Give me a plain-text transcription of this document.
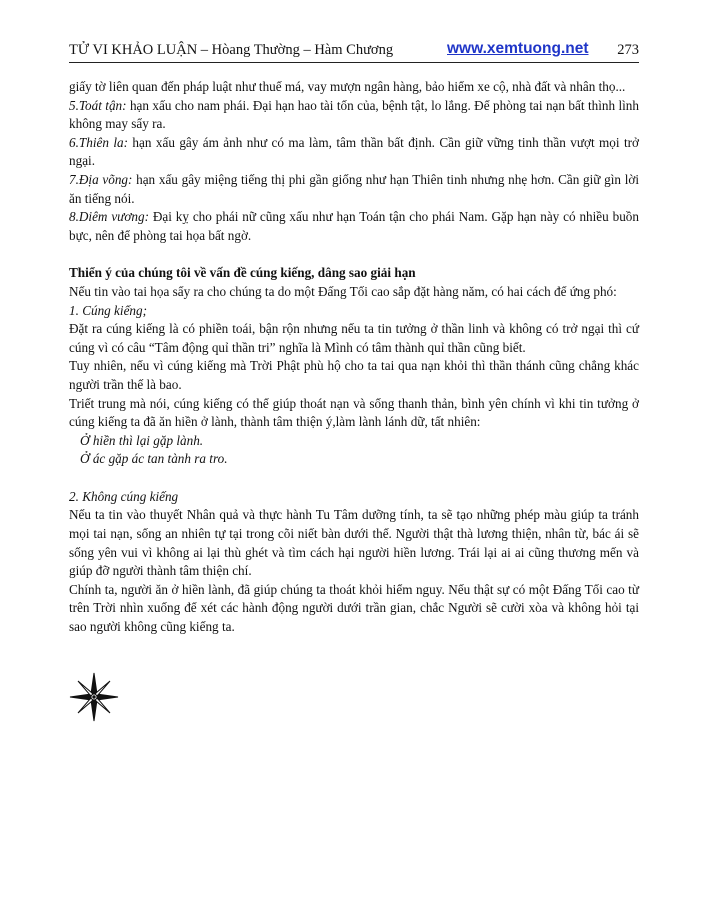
TỬ VI KHẢO LUẬN – Hòang Thường – Hàm Chương	www.xemtuong.net 273

giấy tờ liên quan đến pháp luật như thuế má, vay mượn ngân hàng, bảo hiểm xe cộ, nhà đất và nhân thọ...

5.Toát tận: hạn xấu cho nam phái. Đại hạn hao tài tốn của, bệnh tật, lo lắng. Để phòng tai nạn bất thình lình không may sẩy ra.

6.Thiên la: hạn xấu gây ám ảnh như có ma làm, tâm thần bất định. Cần giữ vững tinh thần vượt mọi trở ngại.

7.Địa võng: hạn xấu gây miệng tiếng thị phi gần giống như hạn Thiên tinh nhưng nhẹ hơn. Cần giữ gìn lời ăn tiếng nói.

8.Diêm vương: Đại kỵ cho phái nữ cũng xấu như hạn Toán tận cho phái Nam. Gặp hạn này có nhiều buồn bực, nên để phòng tai họa bất ngờ.

Thiển ý của chúng tôi về vấn đề cúng kiếng, dâng sao giải hạn

Nếu tin vào tai họa sẩy ra cho chúng ta do một Đấng Tối cao sắp đặt hàng năm, có hai cách để ứng phó:

1. Cúng kiếng;

Đặt ra cúng kiếng là có phiền toái, bận rộn nhưng nếu ta tin tưởng ở thần linh và không có trở ngại thì cứ cúng vì có câu “Tâm động quỉ thần tri” nghĩa là Mình có tâm thành quỉ thần cũng biết.

Tuy nhiên, nếu vì cúng kiếng mà Trời Phật phù hộ cho ta tai qua nạn khỏi thì thần thánh cũng chẳng khác người trần thế là bao.

Triết trung mà nói, cúng kiếng có thể giúp thoát nạn và sống thanh thản, bình yên chính vì khi tin tưởng ở cúng kiếng ta đã ăn hiền ở lành, thành tâm thiện ý,làm lành lánh dữ, tất nhiên:

Ở hiền thì lại gặp lành.

Ở ác gặp ác tan tành ra tro.

2. Không cúng kiếng

Nếu ta tin vào thuyết Nhân quả và thực hành Tu Tâm dưỡng tính, ta sẽ tạo những phép màu giúp ta tránh mọi tai nạn, sống an nhiên tự tại trong cõi niết bàn dưới thế. Người thật thà lương thiện, nhân từ, bác ái sẽ sống yên vui vì không ai lại thù ghét và tìm cách hại người hiền lương. Trái lại ai ai cũng thương mến và giúp đỡ người thành tâm thiện chí.

Chính ta, người ăn ở hiền lành, đã giúp chúng ta thoát khỏi hiểm nguy. Nếu thật sự có một Đấng Tối cao từ trên Trời nhìn xuống để xét các hành động người dưới trần gian, chắc Người sẽ cười xòa và không hỏi tại sao người không cũng kiếng ta.
